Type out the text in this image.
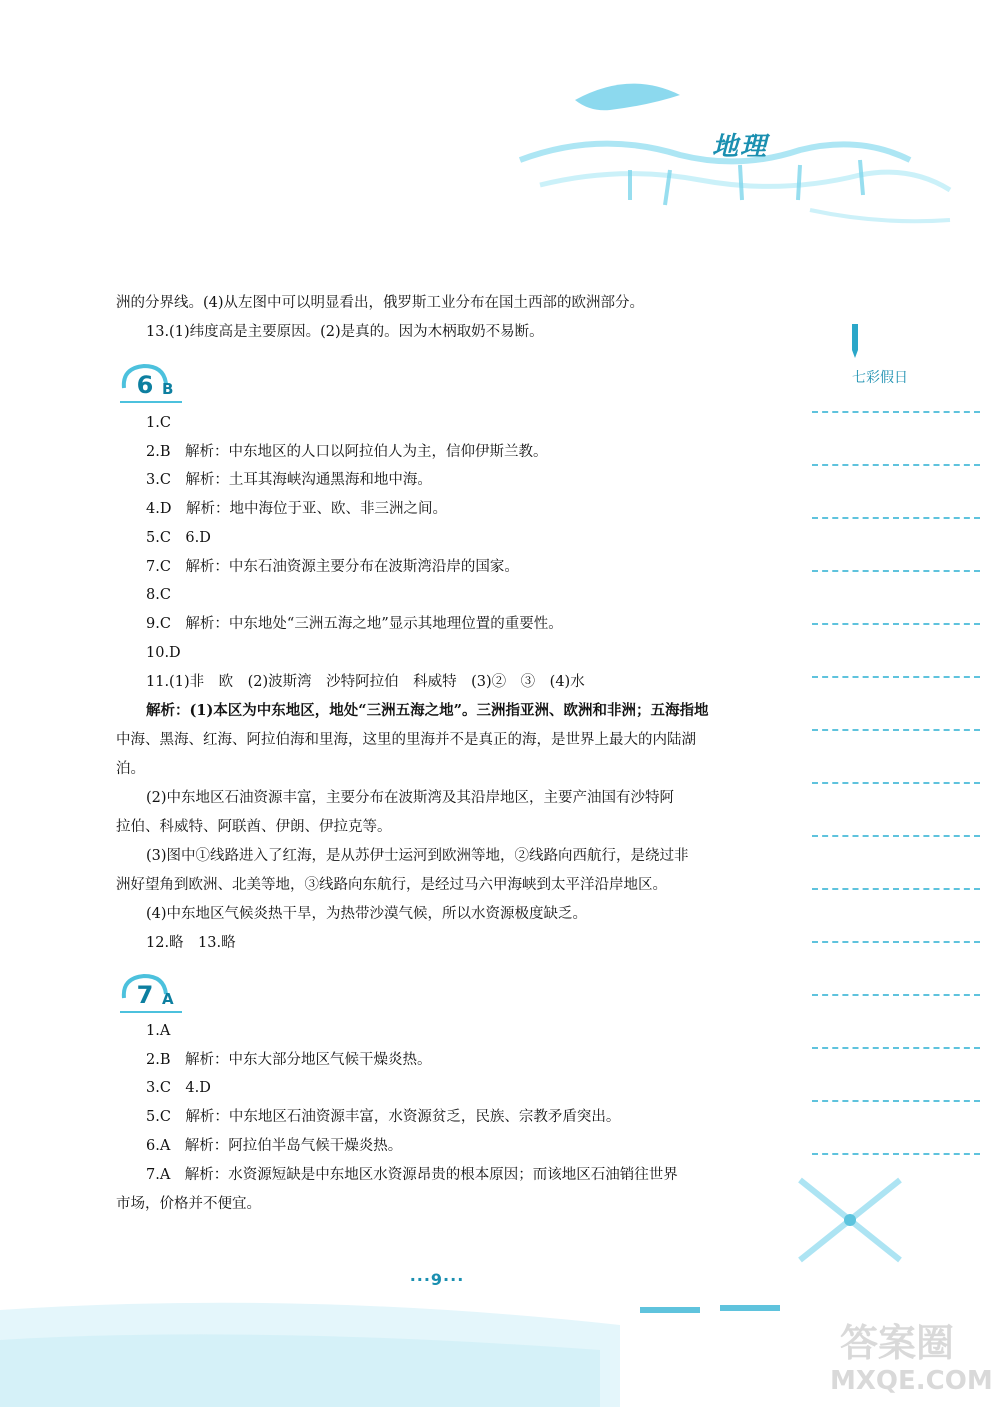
地理
洲的分界线。(4)从左图中可以明显看出，俄罗斯工业分布在国土西部的欧洲部分。
13.(1)纬度高是主要原因。(2)是真的。因为木柄取奶不易断。
6 B
1.C
2.B　解析：中东地区的人口以阿拉伯人为主，信仰伊斯兰教。
3.C　解析：土耳其海峡沟通黑海和地中海。
4.D　解析：地中海位于亚、欧、非三洲之间。
5.C　6.D
7.C　解析：中东石油资源主要分布在波斯湾沿岸的国家。
8.C
9.C　解析：中东地处“三洲五海之地”显示其地理位置的重要性。
10.D
11.(1)非　欧　(2)波斯湾　沙特阿拉伯　科威特　(3)②　③　(4)水
解析：(1)本区为中东地区，地处“三洲五海之地”。三洲指亚洲、欧洲和非洲；五海指地
中海、黑海、红海、阿拉伯海和里海，这里的里海并不是真正的海，是世界上最大的内陆湖
泊。
(2)中东地区石油资源丰富，主要分布在波斯湾及其沿岸地区，主要产油国有沙特阿
拉伯、科威特、阿联酋、伊朗、伊拉克等。
(3)图中①线路进入了红海，是从苏伊士运河到欧洲等地，②线路向西航行，是绕过非
洲好望角到欧洲、北美等地，③线路向东航行，是经过马六甲海峡到太平洋沿岸地区。
(4)中东地区气候炎热干旱，为热带沙漠气候，所以水资源极度缺乏。
12.略　13.略
7 A
1.A
2.B　解析：中东大部分地区气候干燥炎热。
3.C　4.D
5.C　解析：中东地区石油资源丰富，水资源贫乏，民族、宗教矛盾突出。
6.A　解析：阿拉伯半岛气候干燥炎热。
7.A　解析：水资源短缺是中东地区水资源昂贵的根本原因；而该地区石油销往世界
市场，价格并不便宜。
七彩假日
···9···
答案圈
MXQE.COM
